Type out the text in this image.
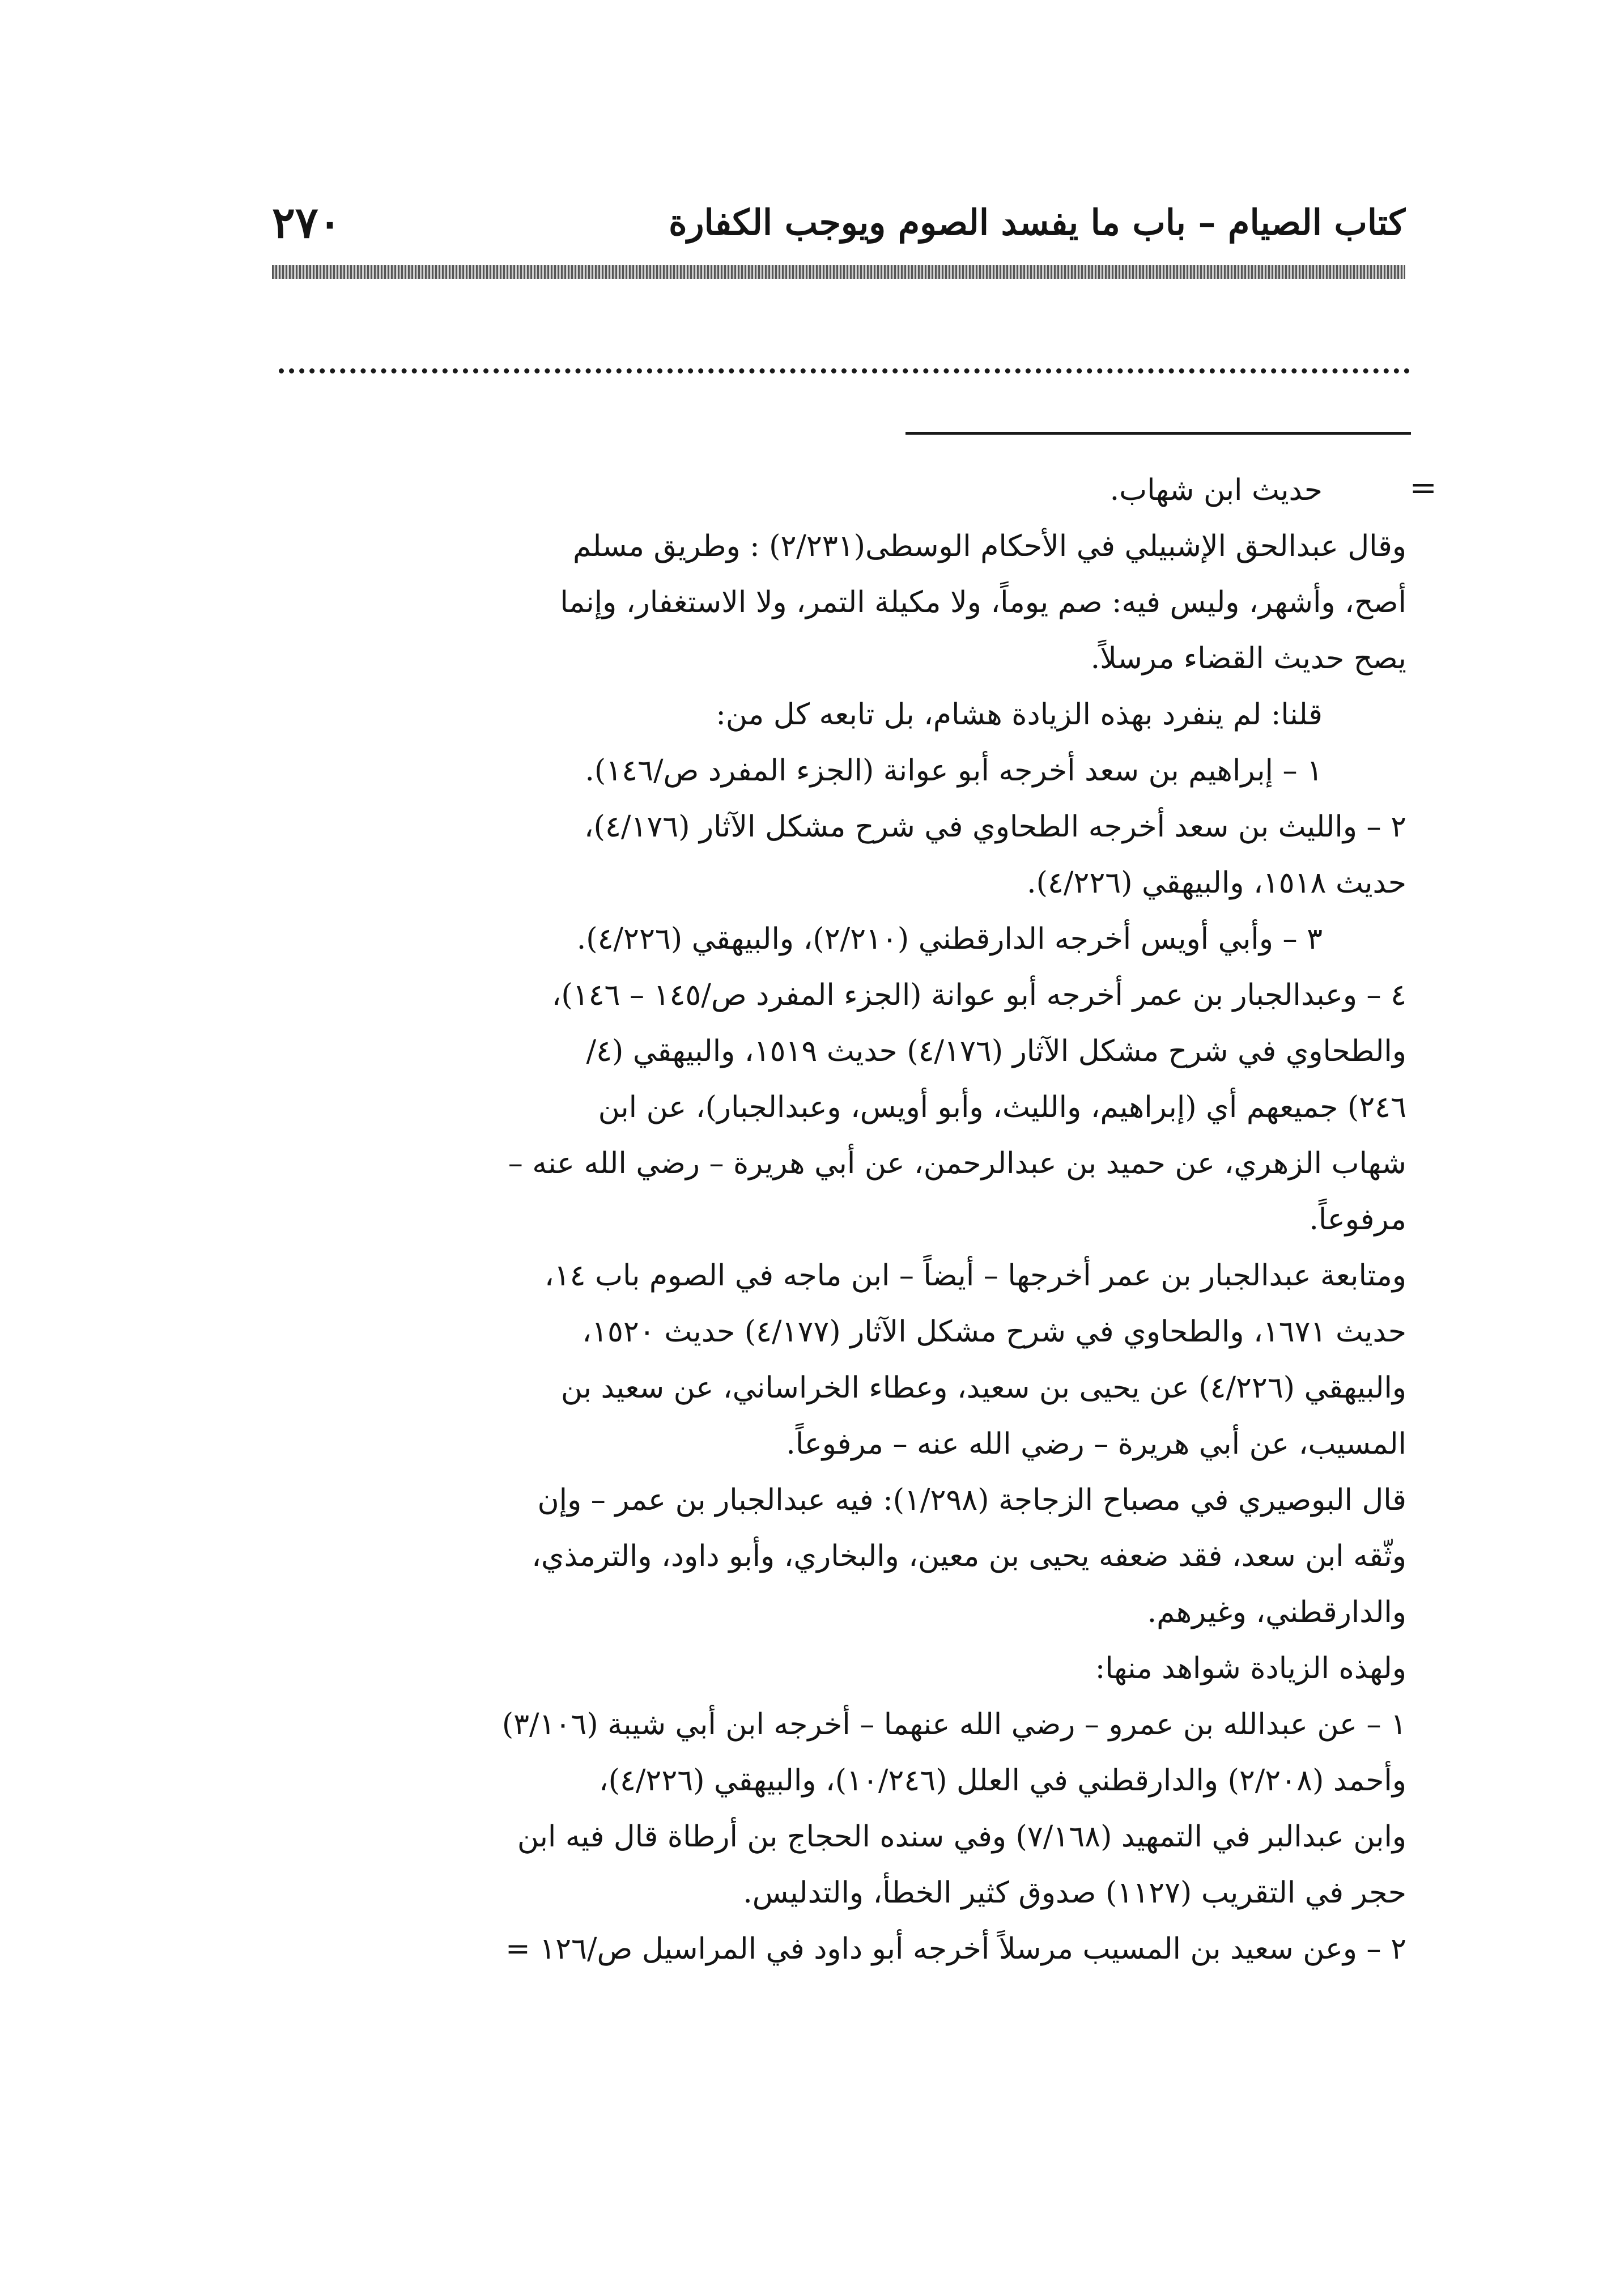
٢٧٠	كتاب الصيام – باب ما يفسد الصوم ويوجب الكفارة
=
حديث ابن شهاب.
وقال عبدالحق الإشبيلي في الأحكام الوسطى(٢/٢٣١) : وطريق مسلم
أصح، وأشهر، وليس فيه: صم يوماً، ولا مكيلة التمر، ولا الاستغفار، وإنما
يصح حديث القضاء مرسلاً.
قلنا: لم ينفرد بهذه الزيادة هشام، بل تابعه كل من:
١ – إبراهيم بن سعد أخرجه أبو عوانة (الجزء المفرد ص/١٤٦).
٢ – والليث بن سعد أخرجه الطحاوي في شرح مشكل الآثار (٤/١٧٦)،
حديث ١٥١٨، والبيهقي (٤/٢٢٦).
٣ – وأبي أويس أخرجه الدارقطني (٢/٢١٠)، والبيهقي (٤/٢٢٦).
٤ – وعبدالجبار بن عمر أخرجه أبو عوانة (الجزء المفرد ص/١٤٥ – ١٤٦)،
والطحاوي في شرح مشكل الآثار (٤/١٧٦) حديث ١٥١٩، والبيهقي (٤/
٢٤٦) جميعهم أي (إبراهيم، والليث، وأبو أويس، وعبدالجبار)، عن ابن
شهاب الزهري، عن حميد بن عبدالرحمن، عن أبي هريرة – رضي الله عنه –
مرفوعاً.
ومتابعة عبدالجبار بن عمر أخرجها – أيضاً – ابن ماجه في الصوم باب ١٤،
حديث ١٦٧١، والطحاوي في شرح مشكل الآثار (٤/١٧٧) حديث ١٥٢٠،
والبيهقي (٤/٢٢٦) عن يحيى بن سعيد، وعطاء الخراساني، عن سعيد بن
المسيب، عن أبي هريرة – رضي الله عنه – مرفوعاً.
قال البوصيري في مصباح الزجاجة (١/٢٩٨): فيه عبدالجبار بن عمر – وإن
وثّقه ابن سعد، فقد ضعفه يحيى بن معين، والبخاري، وأبو داود، والترمذي،
والدارقطني، وغيرهم.
ولهذه الزيادة شواهد منها:
١ – عن عبدالله بن عمرو – رضي الله عنهما – أخرجه ابن أبي شيبة (٣/١٠٦)
وأحمد (٢/٢٠٨) والدارقطني في العلل (١٠/٢٤٦)، والبيهقي (٤/٢٢٦)،
وابن عبدالبر في التمهيد (٧/١٦٨) وفي سنده الحجاج بن أرطاة قال فيه ابن
حجر في التقريب (١١٢٧) صدوق كثير الخطأ، والتدليس.
٢ – وعن سعيد بن المسيب مرسلاً أخرجه أبو داود في المراسيل ص/١٢٦ =
